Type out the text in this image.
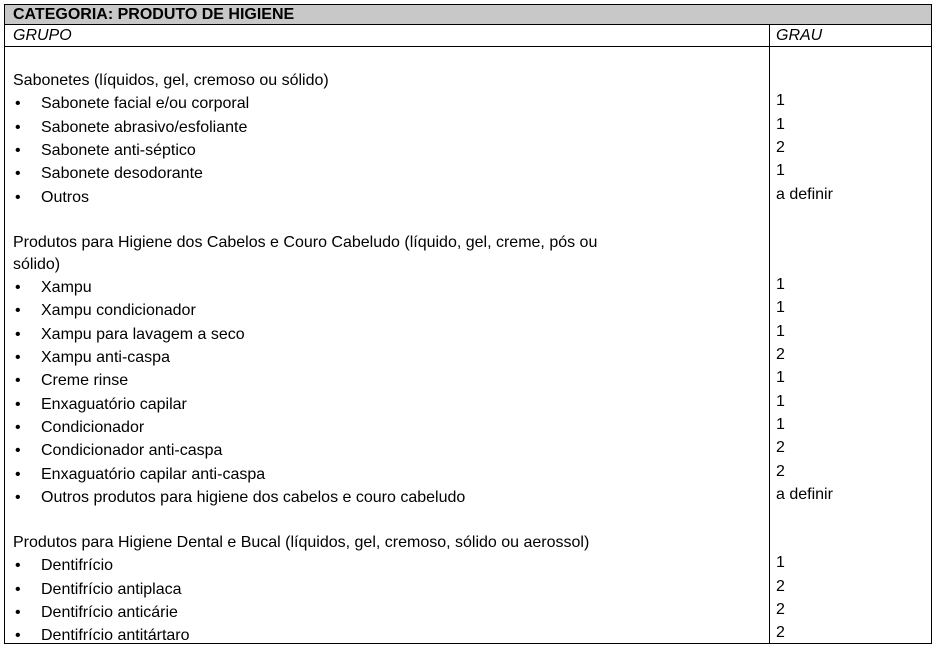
CATEGORIA: PRODUTO DE HIGIENE
GRUPO	GRAU
Sabonetes (líquidos, gel, cremoso ou sólido)
• Sabonete facial e/ou corporal	1
• Sabonete abrasivo/esfoliante	1
• Sabonete anti-séptico	2
• Sabonete desodorante	1
• Outros	a definir
Produtos para Higiene dos Cabelos e Couro Cabeludo (líquido, gel, creme, pós ou
sólido)
• Xampu	1
• Xampu condicionador	1
• Xampu para lavagem a seco	1
• Xampu anti-caspa	2
• Creme rinse	1
• Enxaguatório capilar	1
• Condicionador	1
• Condicionador anti-caspa	2
• Enxaguatório capilar anti-caspa	2
• Outros produtos para higiene dos cabelos e couro cabeludo	a definir
Produtos para Higiene Dental e Bucal (líquidos, gel, cremoso, sólido ou aerossol)
• Dentifrício	1
• Dentifrício antiplaca	2
• Dentifrício anticárie	2
• Dentifrício antitártaro	2
